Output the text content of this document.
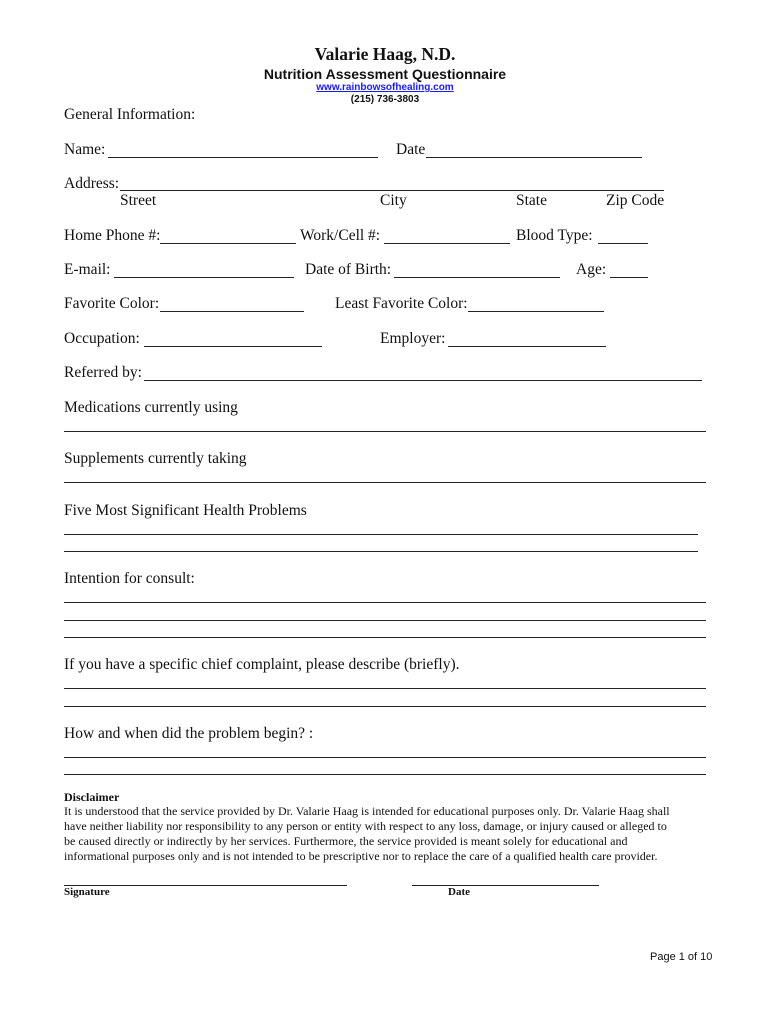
Valarie Haag, N.D.
Nutrition Assessment Questionnaire
www.rainbowsofhealing.com
(215) 736-3803
General Information:
Name:	Date
Address:
Street	City	State	Zip Code
Home Phone #:	Work/Cell #:	Blood Type:
E-mail:	Date of Birth:	Age:
Favorite Color:	Least Favorite Color:
Occupation:	Employer:
Referred by:
Medications currently using
Supplements currently taking
Five Most Significant Health Problems
Intention for consult:
If you have a specific chief complaint, please describe (briefly).
How and when did the problem begin? :
Disclaimer
It is understood that the service provided by Dr. Valarie Haag is intended for educational purposes only. Dr. Valarie Haag shall
have neither liability nor responsibility to any person or entity with respect to any loss, damage, or injury caused or alleged to
be caused directly or indirectly by her services. Furthermore, the service provided is meant solely for educational and
informational purposes only and is not intended to be prescriptive nor to replace the care of a qualified health care provider.
Signature	Date
Page 1 of 10
